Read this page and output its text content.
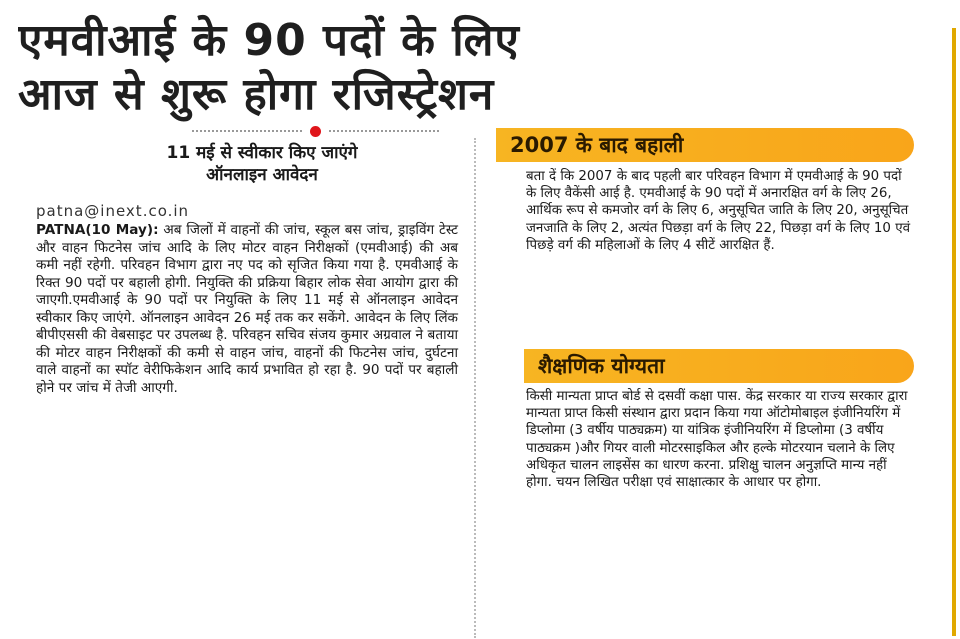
एमवीआई के 90 पदों के लिए
आज से शुरू होगा रजिस्ट्रेशन
11 मई से स्वीकार किए जाएंगे
ऑनलाइन आवेदन
patna@inext.co.in
PATNA(10 May): अब जिलों में वाहनों की जांच, स्कूल बस जांच, ड्राइविंग टेस्ट और वाहन फिटनेस जांच आदि के लिए मोटर वाहन निरीक्षकों (एमवीआई) की अब कमी नहीं रहेगी. परिवहन विभाग द्वारा नए पद को सृजित किया गया है. एमवीआई के रिक्त 90 पदों पर बहाली होगी. नियुक्ति की प्रक्रिया बिहार लोक सेवा आयोग द्वारा की जाएगी.एमवीआई के 90 पदों पर नियुक्ति के लिए 11 मई से ऑनलाइन आवेदन स्वीकार किए जाएंगे. ऑनलाइन आवेदन 26 मई तक कर सकेंगे. आवेदन के लिए लिंक बीपीएससी की वेबसाइट पर उपलब्ध है. परिवहन सचिव संजय कुमार अग्रवाल ने बताया की मोटर वाहन निरीक्षकों की कमी से वाहन जांच, वाहनों की फिटनेस जांच, दुर्घटना वाले वाहनों का स्पॉट वेरीफिकेशन आदि कार्य प्रभावित हो रहा है. 90 पदों पर बहाली होने पर जांच में तेजी आएगी.
2007 के बाद बहाली
बता दें कि 2007 के बाद पहली बार परिवहन विभाग में एमवीआई के 90 पदों के लिए वैकेंसी आई है. एमवीआई के 90 पदों में अनारक्षित वर्ग के लिए 26, आर्थिक रूप से कमजोर वर्ग के लिए 6, अनुसूचित जाति के लिए 20, अनुसूचित जनजाति के लिए 2, अत्यंत पिछड़ा वर्ग के लिए 22, पिछड़ा वर्ग के लिए 10 एवं पिछड़े वर्ग की महिलाओं के लिए 4 सीटें आरक्षित हैं.
शैक्षणिक योग्यता
किसी मान्यता प्राप्त बोर्ड से दसवीं कक्षा पास. केंद्र सरकार या राज्य सरकार द्वारा मान्यता प्राप्त किसी संस्थान द्वारा प्रदान किया गया ऑटोमोबाइल इंजीनियरिंग में डिप्लोमा (3 वर्षीय पाठ्यक्रम) या यांत्रिक इंजीनियरिंग में डिप्लोमा (3 वर्षीय पाठ्यक्रम )और गियर वाली मोटरसाइकिल और हल्के मोटरयान चलाने के लिए अधिकृत चालन लाइसेंस का धारण करना. प्रशिक्षु चालन अनुज्ञप्ति मान्य नहीं होगा. चयन लिखित परीक्षा एवं साक्षात्कार के आधार पर होगा.
